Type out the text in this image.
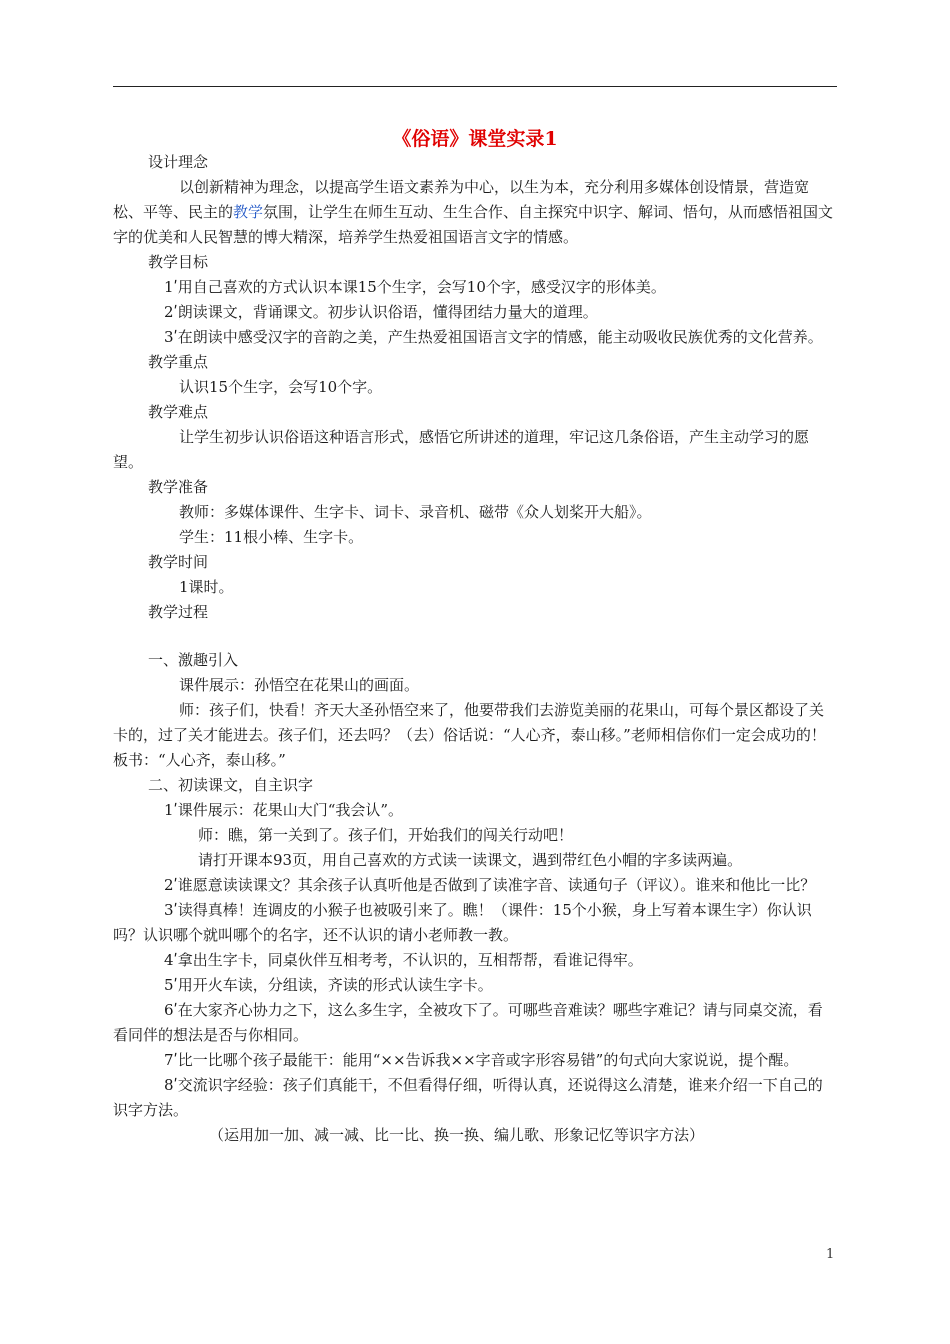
《俗语》课堂实录1

设计理念

以创新精神为理念，以提高学生语文素养为中心，以生为本，充分利用多媒体创设情景，营造宽松、平等、民主的教学氛围，让学生在师生互动、生生合作、自主探究中识字、解词、悟句，从而感悟祖国文字的优美和人民智慧的博大精深，培养学生热爱祖国语言文字的情感。

教学目标

1ʹ用自己喜欢的方式认识本课15个生字，会写10个字，感受汉字的形体美。

2ʹ朗读课文，背诵课文。初步认识俗语，懂得团结力量大的道理。

3ʹ在朗读中感受汉字的音韵之美，产生热爱祖国语言文字的情感，能主动吸收民族优秀的文化营养。

教学重点

认识15个生字，会写10个字。

教学难点

让学生初步认识俗语这种语言形式，感悟它所讲述的道理，牢记这几条俗语，产生主动学习的愿望。

教学准备

教师：多媒体课件、生字卡、词卡、录音机、磁带《众人划桨开大船》。

学生：11根小棒、生字卡。

教学时间

1课时。

教学过程

一、激趣引入

课件展示：孙悟空在花果山的画面。

师：孩子们，快看！齐天大圣孙悟空来了，他要带我们去游览美丽的花果山，可每个景区都设了关卡的，过了关才能进去。孩子们，还去吗？（去）俗话说：“人心齐，泰山移。”老师相信你们一定会成功的！板书：“人心齐，泰山移。”

二、初读课文，自主识字

1ʹ课件展示：花果山大门“我会认”。

师：瞧，第一关到了。孩子们，开始我们的闯关行动吧！

请打开课本93页，用自己喜欢的方式读一读课文，遇到带红色小帽的字多读两遍。

2ʹ谁愿意读读课文？其余孩子认真听他是否做到了读准字音、读通句子（评议）。谁来和他比一比？

3ʹ读得真棒！连调皮的小猴子也被吸引来了。瞧！（课件：15个小猴，身上写着本课生字）你认识吗？认识哪个就叫哪个的名字，还不认识的请小老师教一教。

4ʹ拿出生字卡，同桌伙伴互相考考，不认识的，互相帮帮，看谁记得牢。

5ʹ用开火车读，分组读，齐读的形式认读生字卡。

6ʹ在大家齐心协力之下，这么多生字，全被攻下了。可哪些音难读？哪些字难记？请与同桌交流，看看同伴的想法是否与你相同。

7ʹ比一比哪个孩子最能干：能用“××告诉我××字音或字形容易错”的句式向大家说说，提个醒。

8ʹ交流识字经验：孩子们真能干，不但看得仔细，听得认真，还说得这么清楚，谁来介绍一下自己的识字方法。

（运用加一加、减一减、比一比、换一换、编儿歌、形象记忆等识字方法）

1
